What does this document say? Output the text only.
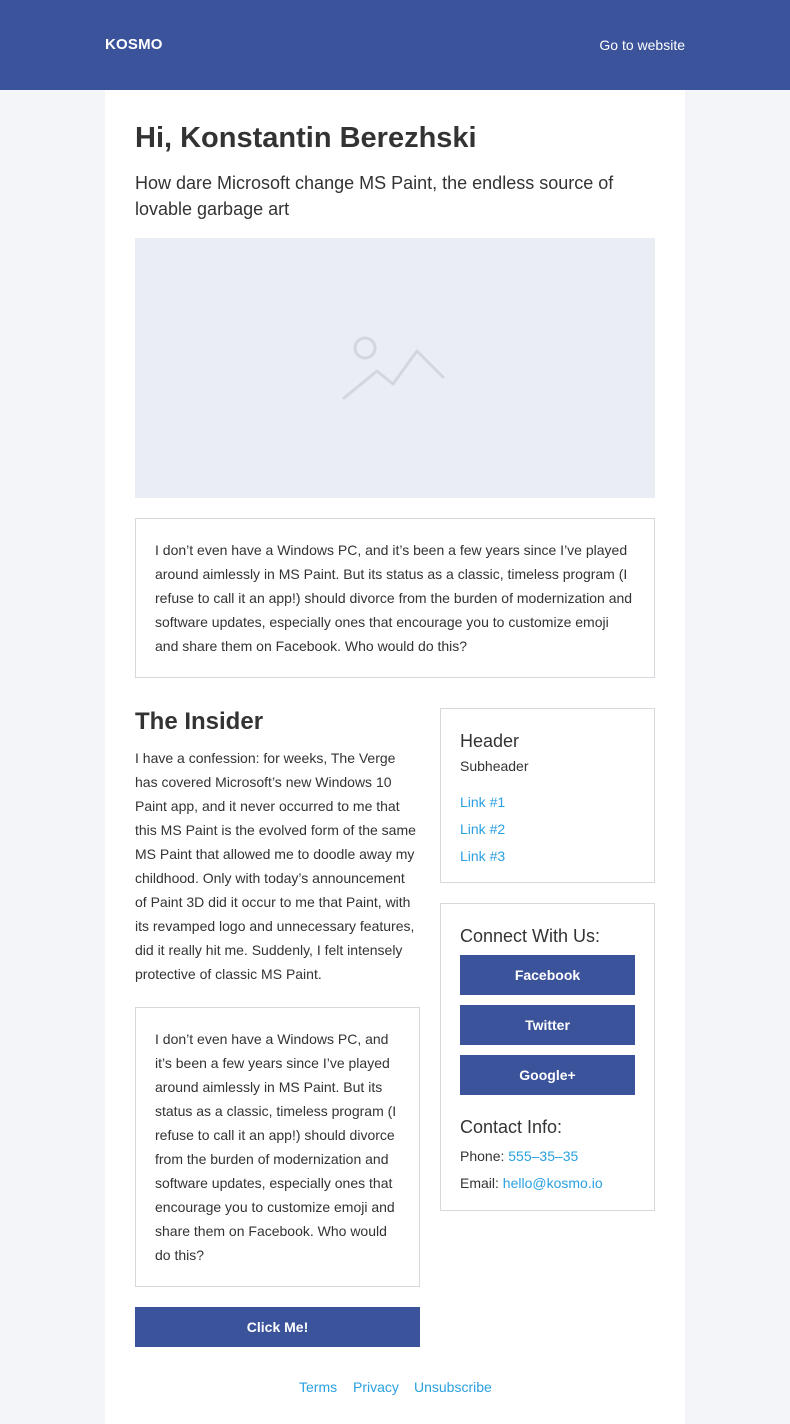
KOSMO	Go to website
Hi, Konstantin Berezhski

How dare Microsoft change MS Paint, the endless source of lovable garbage art

I don’t even have a Windows PC, and it’s been a few years since I’ve played around aimlessly in MS Paint. But its status as a classic, timeless program (I refuse to call it an app!) should divorce from the burden of modernization and software updates, especially ones that encourage you to customize emoji and share them on Facebook. Who would do this?

The Insider

I have a confession: for weeks, The Verge has covered Microsoft’s new Windows 10 Paint app, and it never occurred to me that this MS Paint is the evolved form of the same MS Paint that allowed me to doodle away my childhood. Only with today’s announcement of Paint 3D did it occur to me that Paint, with its revamped logo and unnecessary features, did it really hit me. Suddenly, I felt intensely protective of classic MS Paint.

I don’t even have a Windows PC, and it’s been a few years since I’ve played around aimlessly in MS Paint. But its status as a classic, timeless program (I refuse to call it an app!) should divorce from the burden of modernization and software updates, especially ones that encourage you to customize emoji and share them on Facebook. Who would do this?

Click Me!
Header
Subheader
Link #1
Link #2
Link #3
Connect With Us:
Facebook
Twitter
Google+
Contact Info:
Phone: 555–35–35
Email: hello@kosmo.io
Terms Privacy Unsubscribe
